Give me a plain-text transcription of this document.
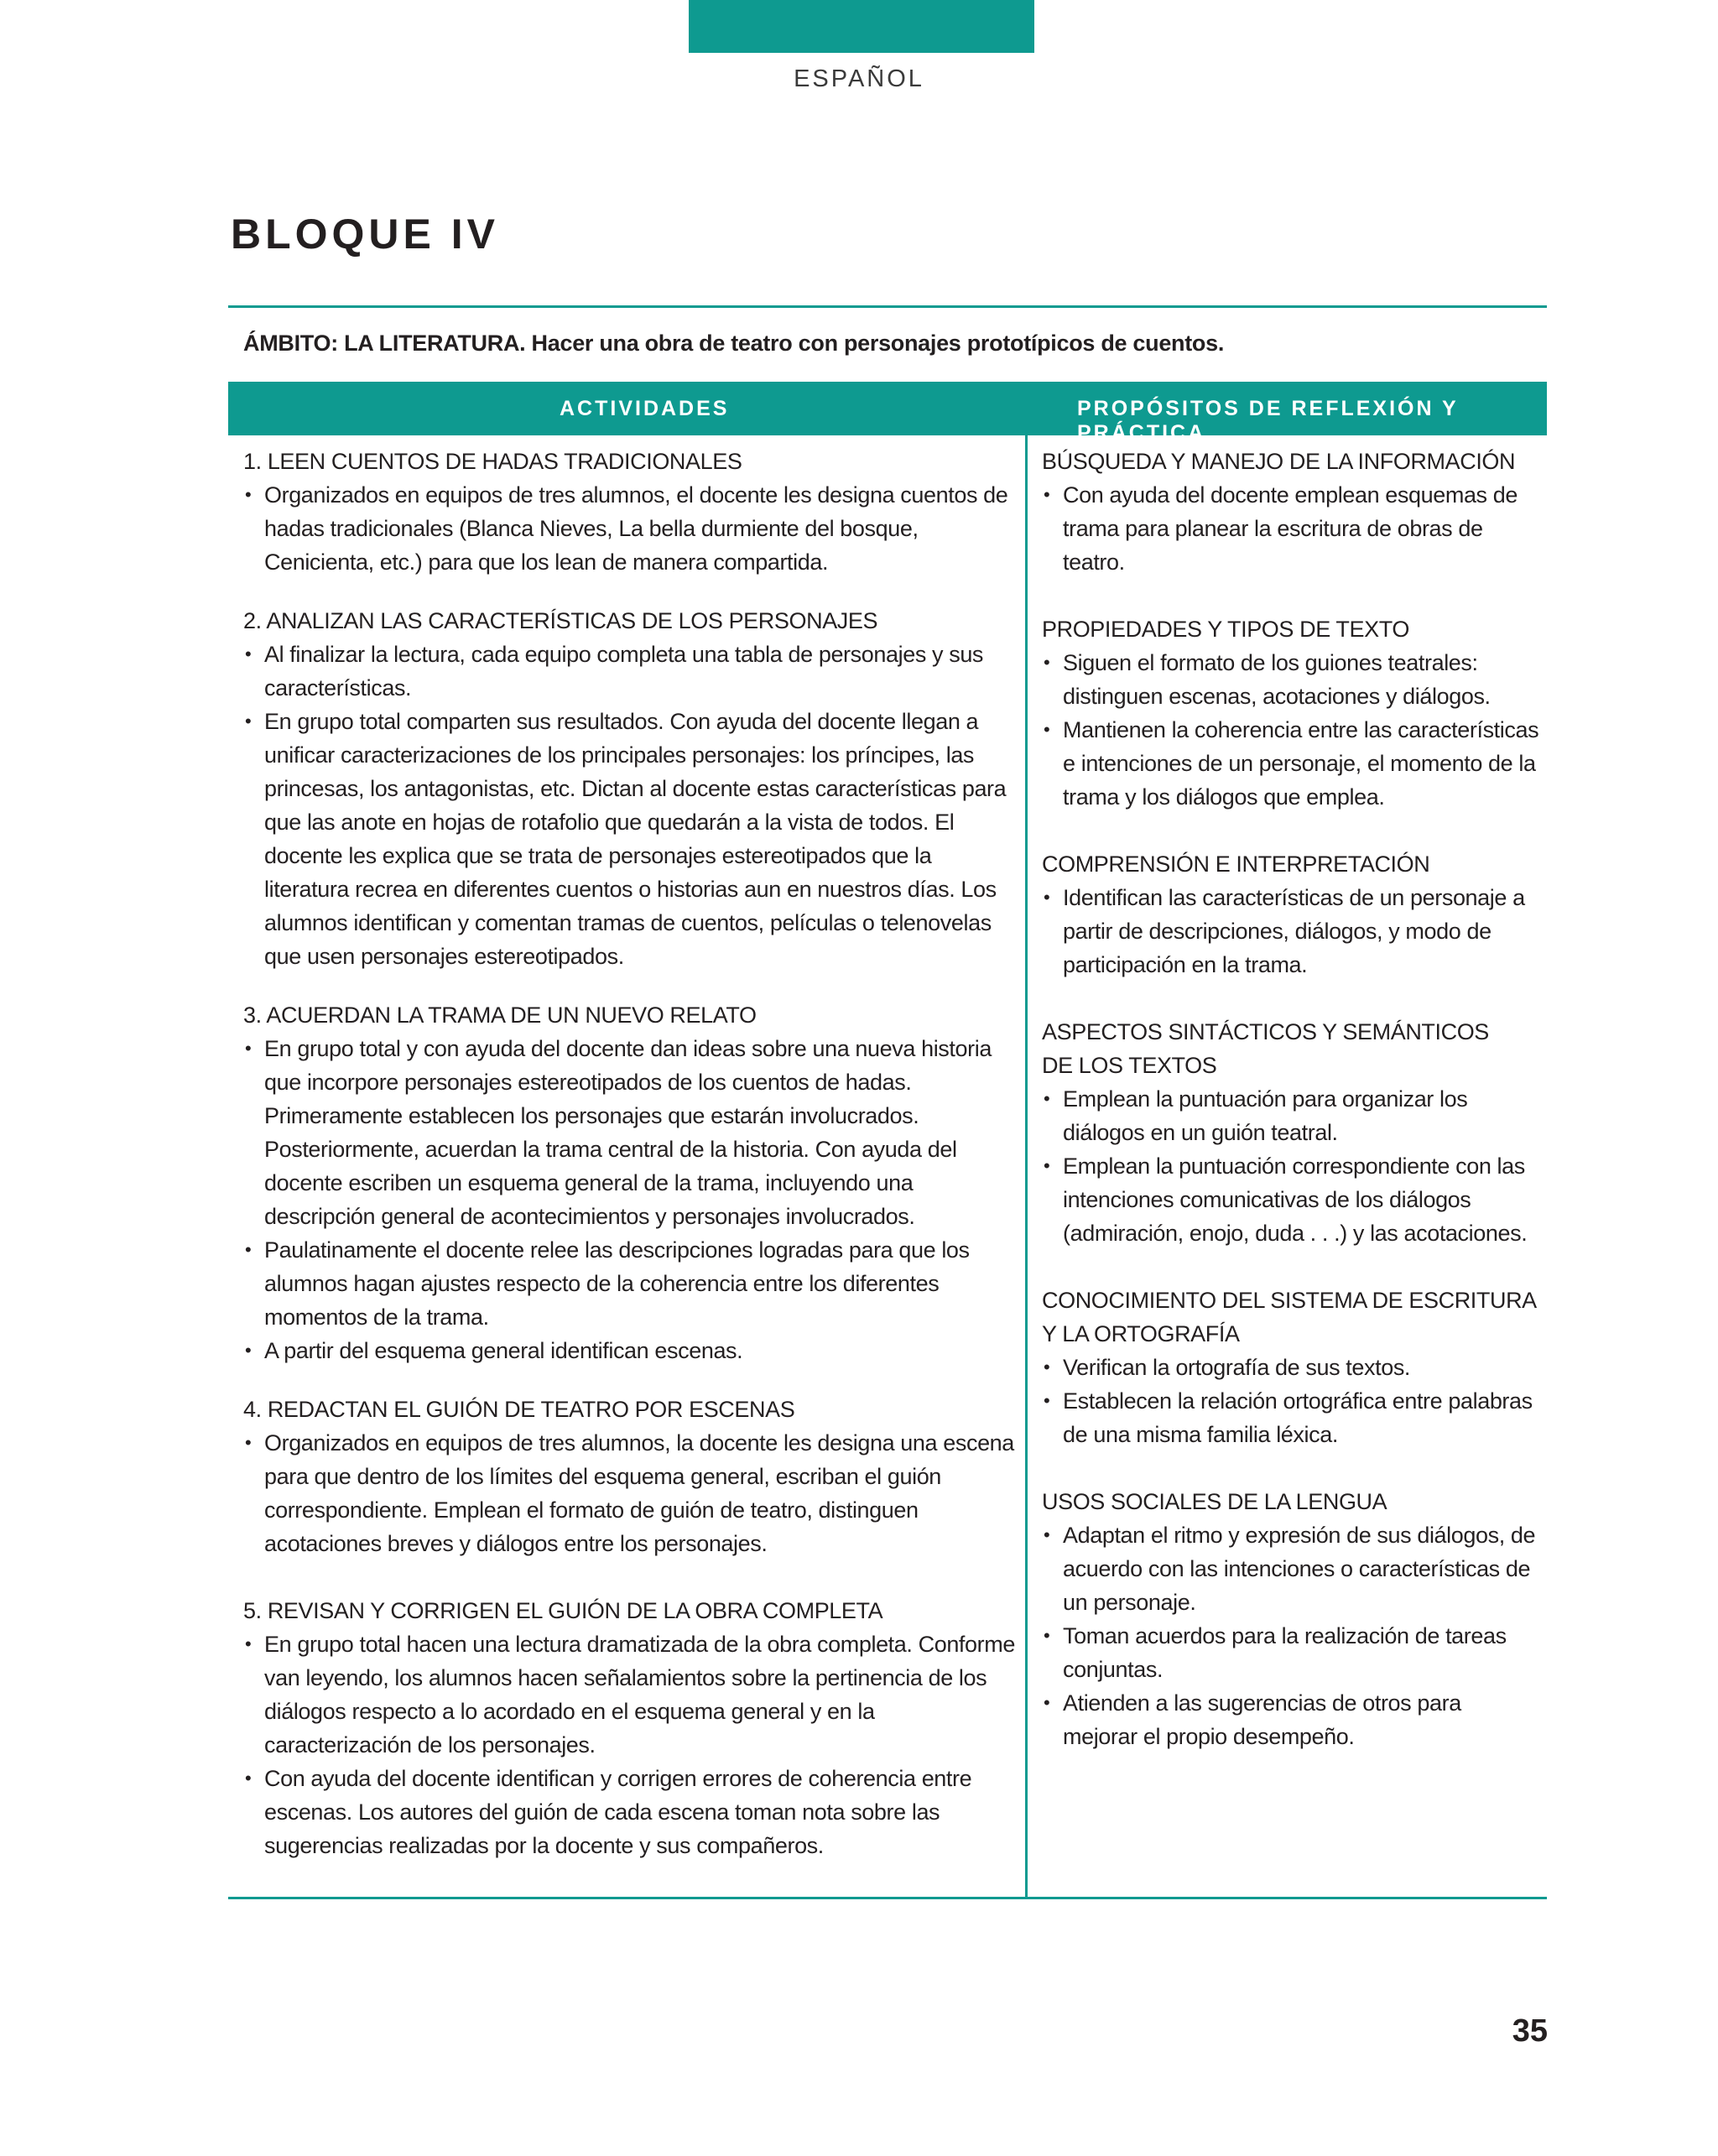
ESPAÑOL
BLOQUE IV
ÁMBITO: LA LITERATURA. Hacer una obra de teatro con personajes prototípicos de cuentos.
ACTIVIDADES	PROPÓSITOS DE REFLEXIÓN Y PRÁCTICA
1. LEEN CUENTOS DE HADAS TRADICIONALES
• Organizados en equipos de tres alumnos, el docente les designa cuentos de hadas tradicionales (Blanca Nieves, La bella durmiente del bosque, Cenicienta, etc.) para que los lean de manera compartida.
2. ANALIZAN LAS CARACTERÍSTICAS DE LOS PERSONAJES
• Al finalizar la lectura, cada equipo completa una tabla de personajes y sus características.
• En grupo total comparten sus resultados. Con ayuda del docente llegan a unificar caracterizaciones de los principales personajes: los príncipes, las princesas, los antagonistas, etc. Dictan al docente estas características para que las anote en hojas de rotafolio que quedarán a la vista de todos. El docente les explica que se trata de personajes estereotipados que la literatura recrea en diferentes cuentos o historias aun en nuestros días. Los alumnos identifican y comentan tramas de cuentos, películas o telenovelas que usen personajes estereotipados.
3. ACUERDAN LA TRAMA DE UN NUEVO RELATO
• En grupo total y con ayuda del docente dan ideas sobre una nueva historia que incorpore personajes estereotipados de los cuentos de hadas. Primeramente establecen los personajes que estarán involucrados. Posteriormente, acuerdan la trama central de la historia. Con ayuda del docente escriben un esquema general de la trama, incluyendo una descripción general de acontecimientos y personajes involucrados.
• Paulatinamente el docente relee las descripciones logradas para que los alumnos hagan ajustes respecto de la coherencia entre los diferentes momentos de la trama.
• A partir del esquema general identifican escenas.
4. REDACTAN EL GUIÓN DE TEATRO POR ESCENAS
• Organizados en equipos de tres alumnos, la docente les designa una escena para que dentro de los límites del esquema general, escriban el guión correspondiente. Emplean el formato de guión de teatro, distinguen acotaciones breves y diálogos entre los personajes.
5. REVISAN Y CORRIGEN EL GUIÓN DE LA OBRA COMPLETA
• En grupo total hacen una lectura dramatizada de la obra completa. Conforme van leyendo, los alumnos hacen señalamientos sobre la pertinencia de los diálogos respecto a lo acordado en el esquema general y en la caracterización de los personajes.
• Con ayuda del docente identifican y corrigen errores de coherencia entre escenas. Los autores del guión de cada escena toman nota sobre las sugerencias realizadas por la docente y sus compañeros.
BÚSQUEDA Y MANEJO DE LA INFORMACIÓN
• Con ayuda del docente emplean esquemas de trama para planear la escritura de obras de teatro.
PROPIEDADES Y TIPOS DE TEXTO
• Siguen el formato de los guiones teatrales: distinguen escenas, acotaciones y diálogos.
• Mantienen la coherencia entre las características e intenciones de un personaje, el momento de la trama y los diálogos que emplea.
COMPRENSIÓN E INTERPRETACIÓN
• Identifican las características de un personaje a partir de descripciones, diálogos, y modo de participación en la trama.
ASPECTOS SINTÁCTICOS Y SEMÁNTICOS
DE LOS TEXTOS
• Emplean la puntuación para organizar los diálogos en un guión teatral.
• Emplean la puntuación correspondiente con las intenciones comunicativas de los diálogos (admiración, enojo, duda . . .) y las acotaciones.
CONOCIMIENTO DEL SISTEMA DE ESCRITURA
Y LA ORTOGRAFÍA
• Verifican la ortografía de sus textos.
• Establecen la relación ortográfica entre palabras de una misma familia léxica.
USOS SOCIALES DE LA LENGUA
• Adaptan el ritmo y expresión de sus diálogos, de acuerdo con las intenciones o características de un personaje.
• Toman acuerdos para la realización de tareas conjuntas.
• Atienden a las sugerencias de otros para mejorar el propio desempeño.
35
